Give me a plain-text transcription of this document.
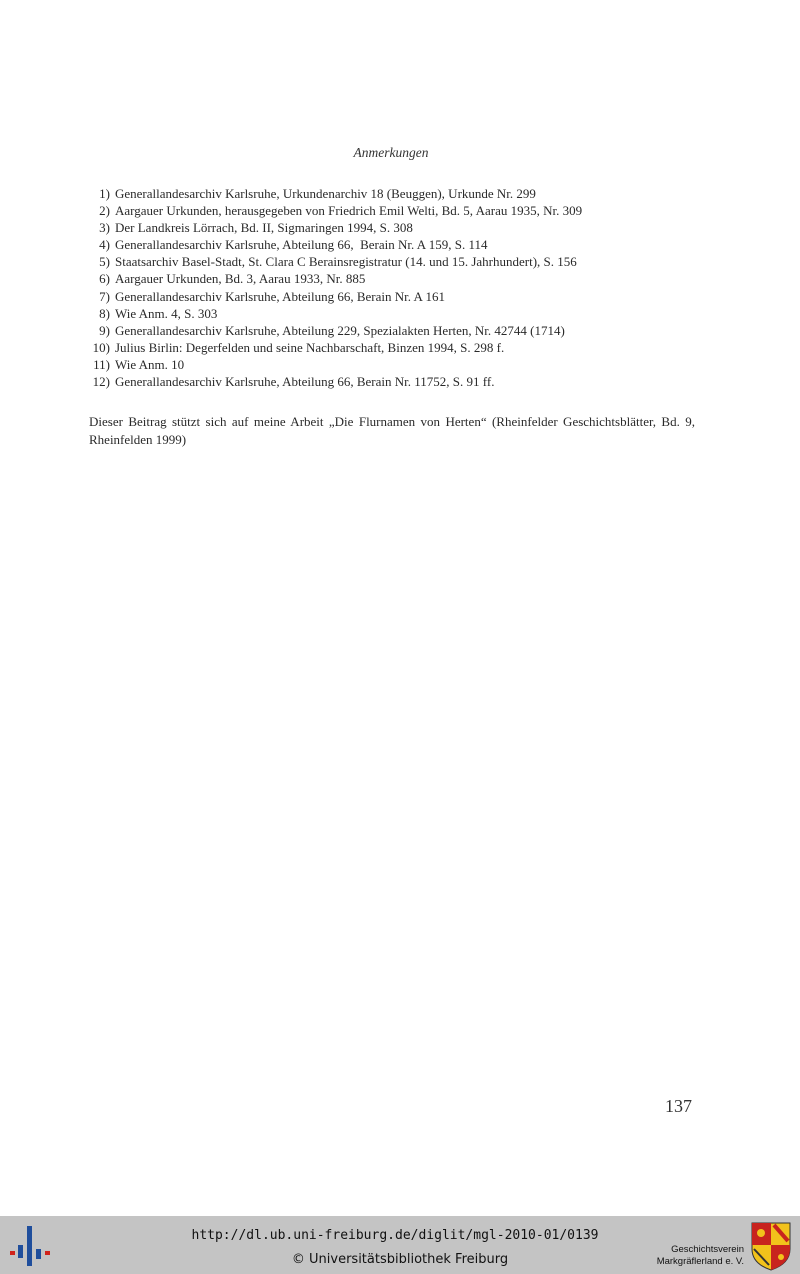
Anmerkungen
1) Generallandesarchiv Karlsruhe, Urkundenarchiv 18 (Beuggen), Urkunde Nr. 299
2) Aargauer Urkunden, herausgegeben von Friedrich Emil Welti, Bd. 5, Aarau 1935, Nr. 309
3) Der Landkreis Lörrach, Bd. II, Sigmaringen 1994, S. 308
4) Generallandesarchiv Karlsruhe, Abteilung 66,  Berain Nr. A 159, S. 114
5) Staatsarchiv Basel-Stadt, St. Clara C Berainsregistratur (14. und 15. Jahrhundert), S. 156
6) Aargauer Urkunden, Bd. 3, Aarau 1933, Nr. 885
7) Generallandesarchiv Karlsruhe, Abteilung 66, Berain Nr. A 161
8) Wie Anm. 4, S. 303
9) Generallandesarchiv Karlsruhe, Abteilung 229, Spezialakten Herten, Nr. 42744 (1714)
10) Julius Birlin: Degerfelden und seine Nachbarschaft, Binzen 1994, S. 298 f.
11) Wie Anm. 10
12) Generallandesarchiv Karlsruhe, Abteilung 66, Berain Nr. 11752, S. 91 ff.

Dieser Beitrag stützt sich auf meine Arbeit „Die Flurnamen von Herten“ (Rheinfelder Geschichtsblätter, Bd. 9, Rheinfelden 1999)

137
http://dl.ub.uni-freiburg.de/diglit/mgl-2010-01/0139
© Universitätsbibliothek Freiburg
Geschichtsverein
Markgräflerland e. V.
